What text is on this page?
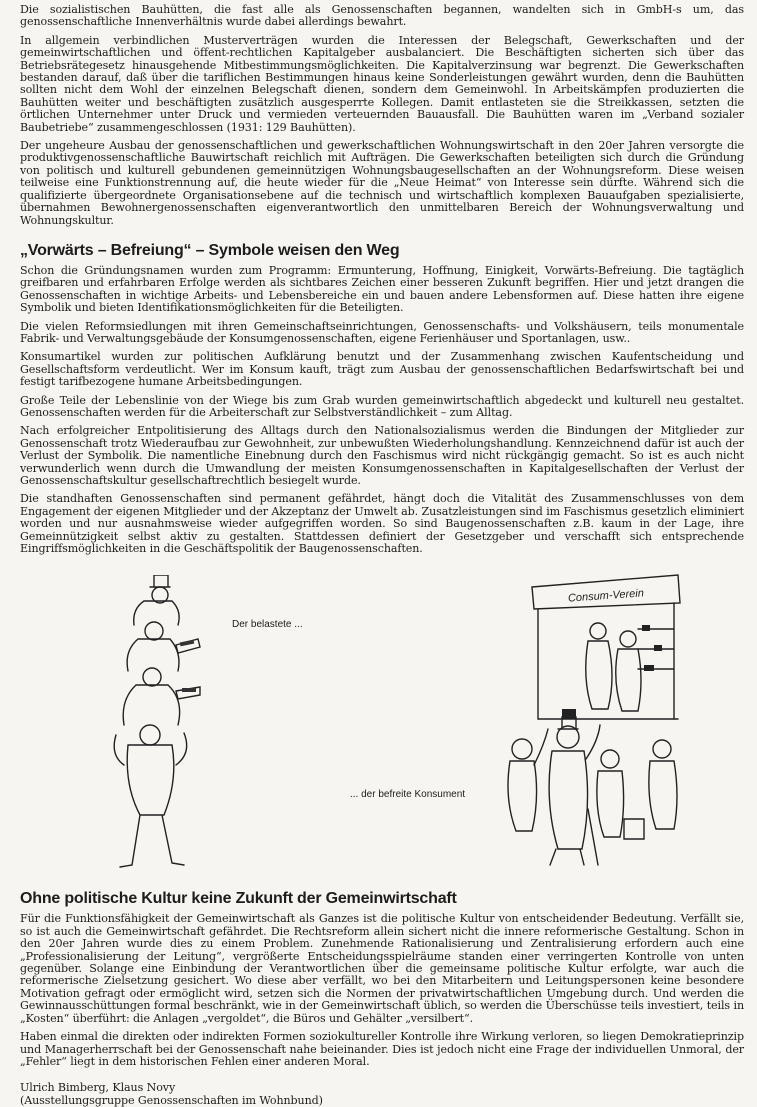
Die sozialistischen Bauhütten, die fast alle als Genossenschaften begannen, wandelten sich in GmbH-s um, das genossenschaftliche Innenverhältnis wurde dabei allerdings bewahrt.

In allgemein verbindlichen Musterverträgen wurden die Interessen der Belegschaft, Gewerkschaften und der gemeinwirtschaftlichen und öffent-rechtlichen Kapitalgeber ausbalanciert. Die Beschäftigten sicherten sich über das Betriebsrätegesetz hinausgehende Mitbestimmungsmöglichkeiten. Die Kapitalverzinsung war begrenzt. Die Gewerkschaften bestanden darauf, daß über die tariflichen Bestimmungen hinaus keine Sonderleistungen gewährt wurden, denn die Bauhütten sollten nicht dem Wohl der einzelnen Belegschaft dienen, sondern dem Gemeinwohl. In Arbeitskämpfen produzierten die Bauhütten weiter und beschäftigten zusätzlich ausgesperrte Kollegen. Damit entlasteten sie die Streikkassen, setzten die örtlichen Unternehmer unter Druck und vermieden verteuernden Bauausfall. Die Bauhütten waren im „Verband sozialer Baubetriebe“ zusammengeschlossen (1931: 129 Bauhütten).

Der ungeheure Ausbau der genossenschaftlichen und gewerkschaftlichen Wohnungswirtschaft in den 20er Jahren versorgte die produktivgenossenschaftliche Bauwirtschaft reichlich mit Aufträgen. Die Gewerkschaften beteiligten sich durch die Gründung von politisch und kulturell gebundenen gemeinnützigen Wohnungsbaugesellschaften an der Wohnungsreform. Diese weisen teilweise eine Funktionstrennung auf, die heute wieder für die „Neue Heimat“ von Interesse sein dürfte. Während sich die qualifizierte übergeordnete Organisationsebene auf die technisch und wirtschaftlich komplexen Bauaufgaben spezialisierte, übernahmen Bewohnergenossenschaften eigenverantwortlich den unmittelbaren Bereich der Wohnungsverwaltung und Wohnungskultur.

„Vorwärts – Befreiung“ – Symbole weisen den Weg

Schon die Gründungsnamen wurden zum Programm: Ermunterung, Hoffnung, Einigkeit, Vorwärts-Befreiung. Die tagtäglich greifbaren und erfahrbaren Erfolge werden als sichtbares Zeichen einer besseren Zukunft begriffen. Hier und jetzt drangen die Genossenschaften in wichtige Arbeits- und Lebensbereiche ein und bauen andere Lebensformen auf. Diese hatten ihre eigene Symbolik und bieten Identifikationsmöglichkeiten für die Beteiligten.

Die vielen Reformsiedlungen mit ihren Gemeinschaftseinrichtungen, Genossenschafts- und Volkshäusern, teils monumentale Fabrik- und Verwaltungsgebäude der Konsumgenossenschaften, eigene Ferienhäuser und Sportanlagen, usw..

Konsumartikel wurden zur politischen Aufklärung benutzt und der Zusammenhang zwischen Kaufentscheidung und Gesellschaftsform verdeutlicht. Wer im Konsum kauft, trägt zum Ausbau der genossenschaftlichen Bedarfswirtschaft bei und festigt tarifbezogene humane Arbeitsbedingungen.

Große Teile der Lebenslinie von der Wiege bis zum Grab wurden gemeinwirtschaftlich abgedeckt und kulturell neu gestaltet. Genossenschaften werden für die Arbeiterschaft zur Selbstverständlichkeit – zum Alltag.

Nach erfolgreicher Entpolitisierung des Alltags durch den Nationalsozialismus werden die Bindungen der Mitglieder zur Genossenschaft trotz Wiederaufbau zur Gewohnheit, zur unbewußten Wiederholungshandlung. Kennzeichnend dafür ist auch der Verlust der Symbolik. Die namentliche Einebnung durch den Faschismus wird nicht rückgängig gemacht. So ist es auch nicht verwunderlich wenn durch die Umwandlung der meisten Konsumgenossenschaften in Kapitalgesellschaften der Verlust der Genossenschaftskultur gesellschaftrechtlich besiegelt wurde.

Die standhaften Genossenschaften sind permanent gefährdet, hängt doch die Vitalität des Zusammenschlusses von dem Engagement der eigenen Mitglieder und der Akzeptanz der Umwelt ab. Zusatzleistungen sind im Faschismus gesetzlich eliminiert worden und nur ausnahmsweise wieder aufgegriffen worden. So sind Baugenossenschaften z.B. kaum in der Lage, ihre Gemeinnützigkeit selbst aktiv zu gestalten. Stattdessen definiert der Gesetzgeber und verschafft sich entsprechende Eingriffsmöglichkeiten in die Geschäftspolitik der Baugenossenschaften.

Der belastete ...
... der befreite Konsument
Consum-Verein
Ohne politische Kultur keine Zukunft der Gemeinwirtschaft

Für die Funktionsfähigkeit der Gemeinwirtschaft als Ganzes ist die politische Kultur von entscheidender Bedeutung. Verfällt sie, so ist auch die Gemeinwirtschaft gefährdet. Die Rechtsreform allein sichert nicht die innere reformerische Gestaltung. Schon in den 20er Jahren wurde dies zu einem Problem. Zunehmende Rationalisierung und Zentralisierung erfordern auch eine „Professionalisierung der Leitung“, vergrößerte Entscheidungsspielräume standen einer verringerten Kontrolle von unten gegenüber. Solange eine Einbindung der Verantwortlichen über die gemeinsame politische Kultur erfolgte, war auch die reformerische Zielsetzung gesichert. Wo diese aber verfällt, wo bei den Mitarbeitern und Leitungspersonen keine besondere Motivation gefragt oder ermöglicht wird, setzen sich die Normen der privatwirtschaftlichen Umgebung durch. Und werden die Gewinnausschüttungen formal beschränkt, wie in der Gemeinwirtschaft üblich, so werden die Überschüsse teils investiert, teils in „Kosten“ überführt: die Anlagen „vergoldet“, die Büros und Gehälter „versilbert“.

Haben einmal die direkten oder indirekten Formen soziokultureller Kontrolle ihre Wirkung verloren, so liegen Demokratieprinzip und Managerherrschaft bei der Genossenschaft nahe beieinander. Dies ist jedoch nicht eine Frage der individuellen Unmoral, der „Fehler“ liegt in dem historischen Fehlen einer anderen Moral.

Ulrich Bimberg, Klaus Novy

(Ausstellungsgruppe Genossenschaften im Wohnbund)
